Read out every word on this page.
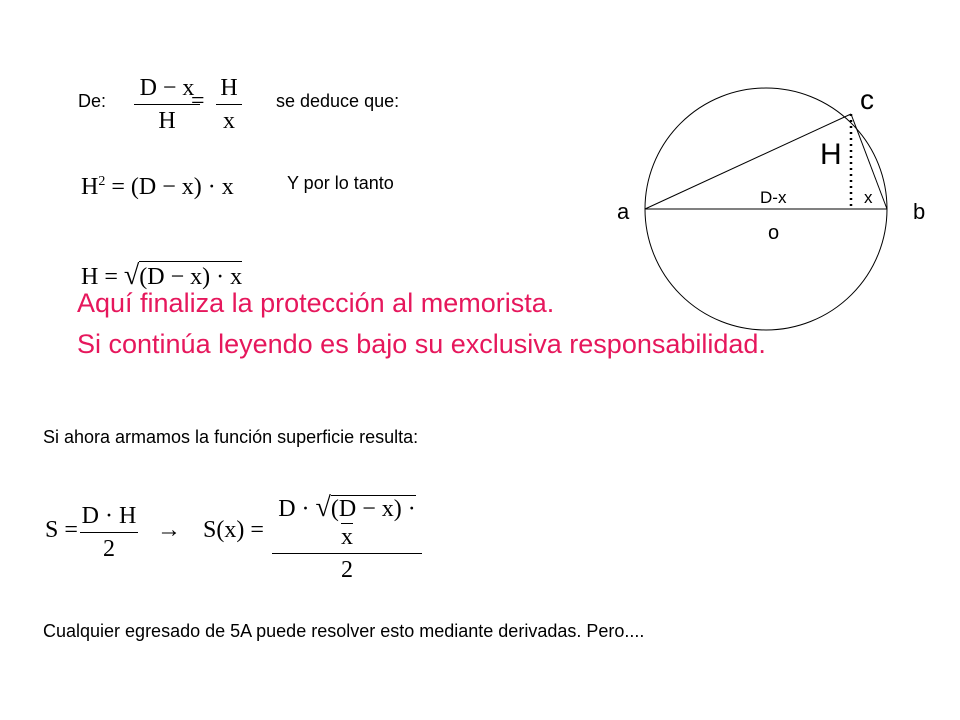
De: D − x
H
= H
x
se deduce que:
$H^2 = (D - x) \cdot x$	Y por lo tanto
H = √(D − x) · x
Aquí finaliza la protección al memorista.
Si continúa leyendo es bajo su exclusiva responsabilidad.
Si ahora armamos la función superficie resulta:
S =
D · H
2
→ S(x) =
D · √(D − x) · x
2
Cualquier egresado de 5A puede resolver esto mediante derivadas. Pero....
c
H
D-x	x
a	b
o
